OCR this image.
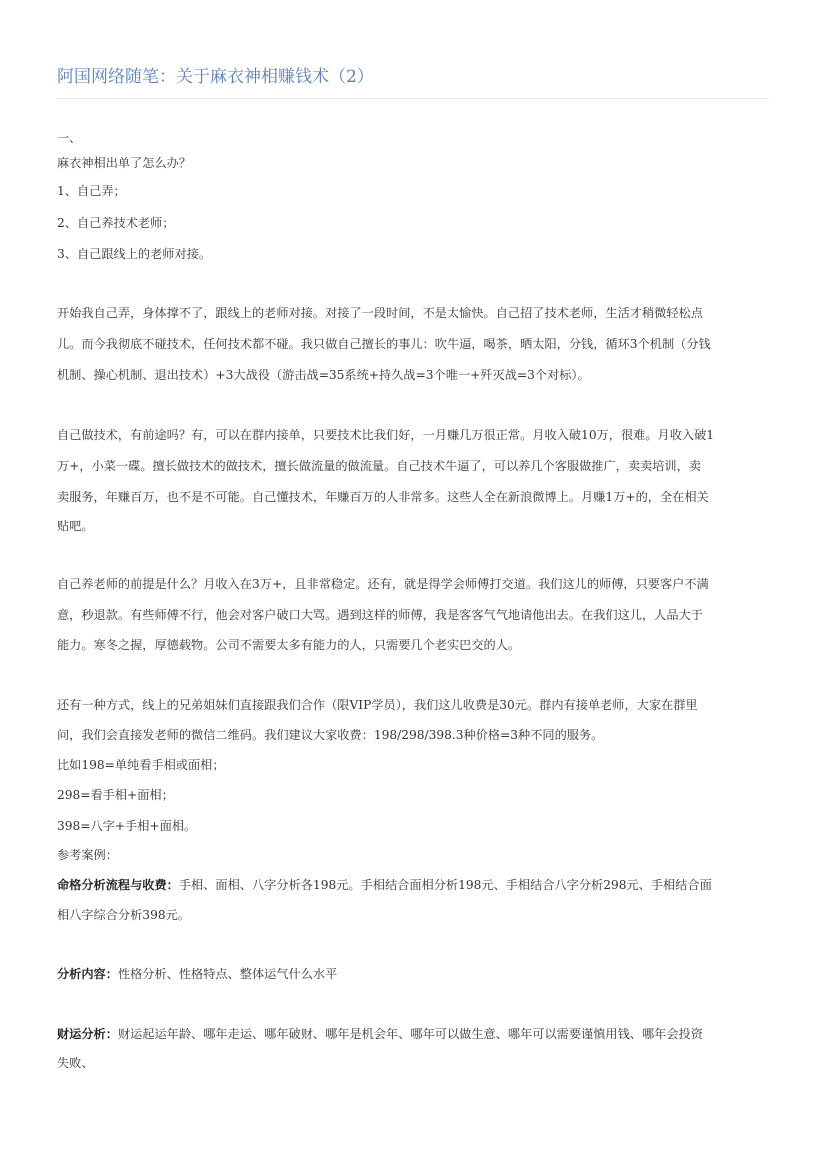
阿国网络随笔：关于麻衣神相赚钱术（2）
一、
麻衣神相出单了怎么办？
1、自己弄；
2、自己养技术老师；
3、自己跟线上的老师对接。
开始我自己弄，身体撑不了，跟线上的老师对接。对接了一段时间，不是太愉快。自己招了技术老师，生活才稍微轻松点
儿。而今我彻底不碰技术，任何技术都不碰。我只做自己擅长的事儿：吹牛逼，喝茶，晒太阳，分钱，循环3个机制（分钱
机制、操心机制、退出技术）+3大战役（游击战=35系统+持久战=3个唯一+歼灭战=3个对标）。
自己做技术，有前途吗？有，可以在群内接单，只要技术比我们好，一月赚几万很正常。月收入破10万，很难。月收入破1
万+，小菜一碟。擅长做技术的做技术，擅长做流量的做流量。自己技术牛逼了，可以养几个客服做推广，卖卖培训，卖
卖服务，年赚百万，也不是不可能。自己懂技术，年赚百万的人非常多。这些人全在新浪微博上。月赚1万+的，全在相关
贴吧。
自己养老师的前提是什么？月收入在3万+，且非常稳定。还有，就是得学会师傅打交道。我们这儿的师傅，只要客户不满
意，秒退款。有些师傅不行，他会对客户破口大骂。遇到这样的师傅，我是客客气气地请他出去。在我们这儿，人品大于
能力。寒冬之握，厚德载物。公司不需要太多有能力的人，只需要几个老实巴交的人。
还有一种方式，线上的兄弟姐妹们直接跟我们合作（限VIP学员），我们这儿收费是30元。群内有接单老师，大家在群里
问，我们会直接发老师的微信二维码。我们建议大家收费：198/298/398.3种价格=3种不同的服务。
比如198=单纯看手相或面相；
298=看手相+面相；
398=八字+手相+面相。
参考案例：
命格分析流程与收费：手相、面相、八字分析各198元。手相结合面相分析198元、手相结合八字分析298元、手相结合面
相八字综合分析398元。
分析内容：性格分析、性格特点、整体运气什么水平
财运分析：财运起运年龄、哪年走运、哪年破财、哪年是机会年、哪年可以做生意、哪年可以需要谨慎用钱、哪年会投资
失败、
